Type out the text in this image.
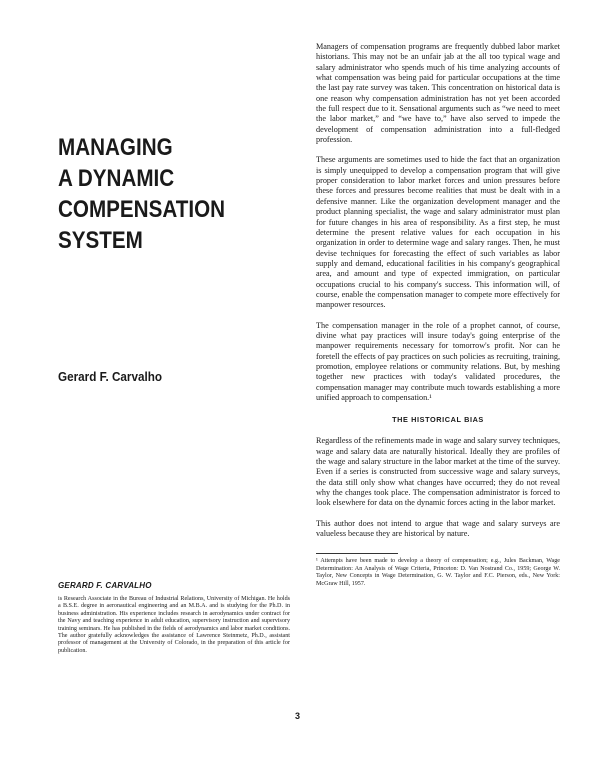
MANAGING
A DYNAMIC
COMPENSATION
SYSTEM
Gerard F. Carvalho
GERARD F. CARVALHO

is Research Associate in the Bureau of Industrial Relations, University of Michigan. He holds a B.S.E. degree in aeronautical engineering and an M.B.A. and is studying for the Ph.D. in business administration. His experience includes research in aerodynamics under contract for the Navy and teaching experience in adult education, supervisory instruction and supervisory training seminars. He has published in the fields of aerodynamics and labor market conditions. The author gratefully acknowledges the assistance of Lawrence Steinmetz, Ph.D., assistant professor of management at the University of Colorado, in the preparation of this article for publication.

Managers of compensation programs are frequently dubbed labor market historians. This may not be an unfair jab at the all too typical wage and salary administrator who spends much of his time analyzing accounts of what compensation was being paid for particular occupations at the time the last pay rate survey was taken. This concentration on historical data is one reason why compensation administration has not yet been accorded the full respect due to it. Sensational arguments such as “we need to meet the labor market,” and “we have to,” have also served to impede the development of compensation administration into a full-fledged profession.

These arguments are sometimes used to hide the fact that an organization is simply unequipped to develop a compensation program that will give proper consideration to labor market forces and union pressures before these forces and pressures become realities that must be dealt with in a defensive manner. Like the organization development manager and the product planning specialist, the wage and salary administrator must plan for future changes in his area of responsibility. As a first step, he must determine the present relative values for each occupation in his organization in order to determine wage and salary ranges. Then, he must devise techniques for forecasting the effect of such variables as labor supply and demand, educational facilities in his company's geographical area, and amount and type of expected immigration, on particular occupations crucial to his company's success. This information will, of course, enable the compensation manager to compete more effectively for manpower resources.

The compensation manager in the role of a prophet cannot, of course, divine what pay practices will insure today's going enterprise of the manpower requirements necessary for tomorrow's profit. Nor can he foretell the effects of pay practices on such policies as recruiting, training, promotion, employee relations or community relations. But, by meshing together new practices with today's validated procedures, the compensation manager may contribute much towards establishing a more unified approach to compensation.¹

THE HISTORICAL BIAS

Regardless of the refinements made in wage and salary survey techniques, wage and salary data are naturally historical. Ideally they are profiles of the wage and salary structure in the labor market at the time of the survey. Even if a series is constructed from successive wage and salary surveys, the data still only show what changes have occurred; they do not reveal why the changes took place. The compensation administrator is forced to look elsewhere for data on the dynamic forces acting in the labor market.

This author does not intend to argue that wage and salary surveys are valueless because they are historical by nature.

¹ Attempts have been made to develop a theory of compensation; e.g., Jules Backman, Wage Determination: An Analysis of Wage Criteria, Princeton: D. Van Nostrand Co., 1959; George W. Taylor, New Concepts in Wage Determination, G. W. Taylor and F.C. Pierson, eds., New York: McGraw Hill, 1957.

3
